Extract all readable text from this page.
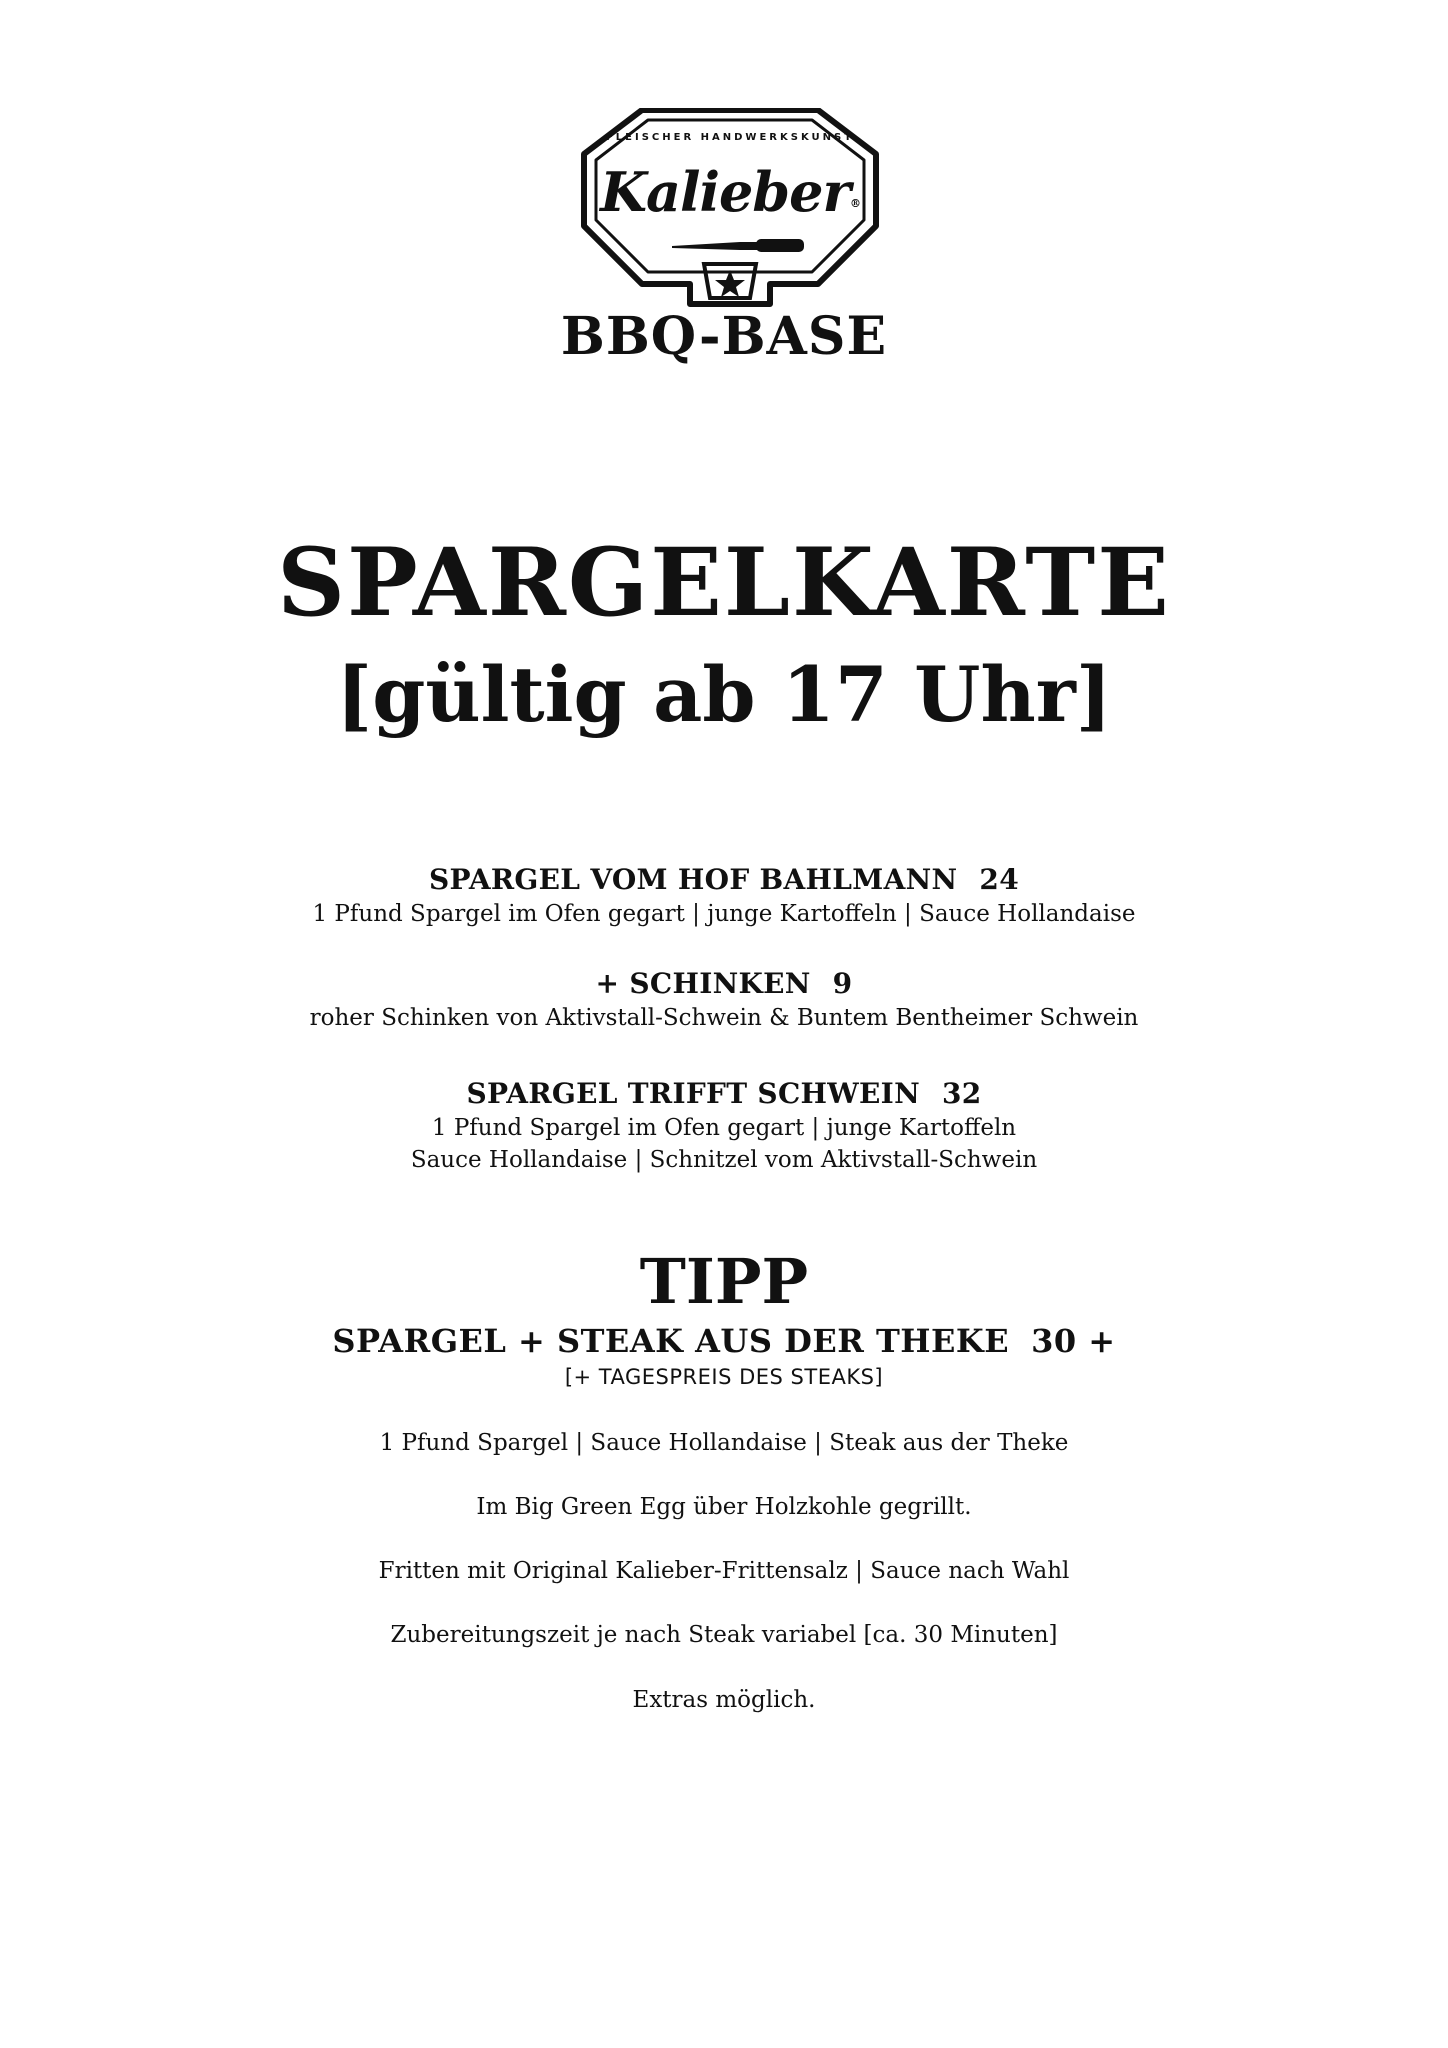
FLEISCHER HANDWERKSKUNST
Kalieber®
BBQ-BASE
SPARGELKARTE
[gültig ab 17 Uhr]
SPARGEL VOM HOF BAHLMANN 24
1 Pfund Spargel im Ofen gegart | junge Kartoffeln | Sauce Hollandaise
+ SCHINKEN 9
roher Schinken von Aktivstall-Schwein & Buntem Bentheimer Schwein
SPARGEL TRIFFT SCHWEIN 32
1 Pfund Spargel im Ofen gegart | junge Kartoffeln
Sauce Hollandaise | Schnitzel vom Aktivstall-Schwein
TIPP
SPARGEL + STEAK AUS DER THEKE 30 +
[+ TAGESPREIS DES STEAKS]
1 Pfund Spargel | Sauce Hollandaise | Steak aus der Theke
Im Big Green Egg über Holzkohle gegrillt.
Fritten mit Original Kalieber-Frittensalz | Sauce nach Wahl
Zubereitungszeit je nach Steak variabel [ca. 30 Minuten]
Extras möglich.
